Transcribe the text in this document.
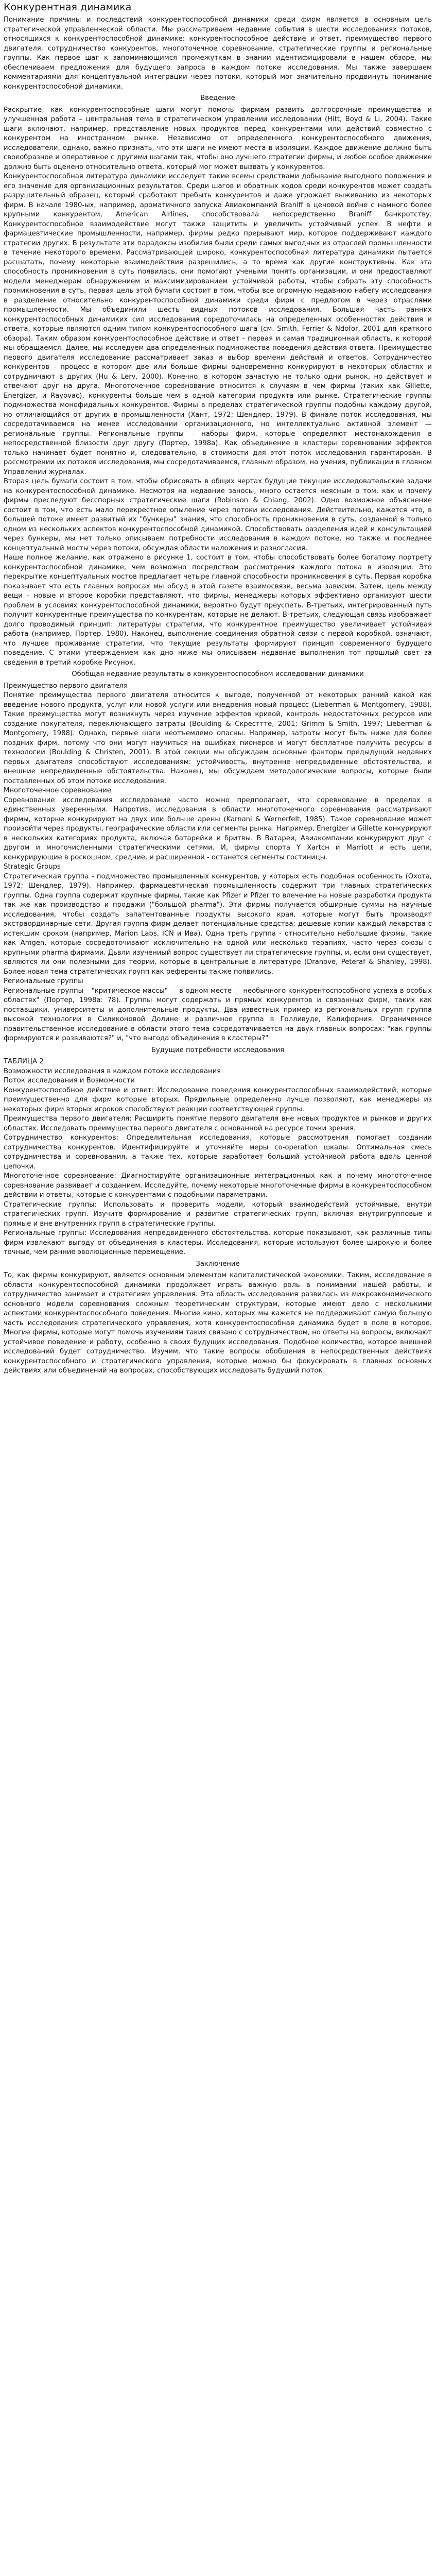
Конкурентная динамика

Понимание причины и последствий конкурентоспособной динамики среди фирм является в основным цель стратегической управленческой области. Мы рассматриваем недавние события в шести исследованиях потоков, относящихся к конкурентоспособной динамике: конкурентоспособное действие и ответ, преимущество первого двигателя, сотрудничество конкурентов, многоточечное соревнование, стратегические группы и региональные группы. Как первое шаг к запоминающимся промежуткам в знании идентифицировали в нашем обзоре, мы обеспечиваем предложения для будущего запроса в каждом потоке исследования. Мы также завершаем комментариями для концептуальной интеграции через потоки, который мог значительно продвинуть понимание конкурентоспособной динамики.

Введение

Раскрытие, как конкурентоспособные шаги могут помочь фирмам развить долгосрочные преимущества и улучшенная работа – центральная тема в стратегическом управлении исследовании (Hitt, Boyd & Li, 2004). Такие шаги включают, например, представление новых продуктов перед конкурентами или действий совместно с конкурентом на иностранном рынке. Независимо от определенного конкурентоспособного движения, исследователи, однако, важно признать, что эти шаги не имеют места в изоляции. Каждое движение должно быть своеобразное и оперативное с другими шагами так, чтобы оно лучшего стратегии фирмы, и любое особое движение должно быть оценено относительно ответа, который мог может вызвать у конкурентов.

Конкурентоспособная литература динамики исследует такие всемы средствами добывание выгодного положения и его значение для организационных результатов. Среди шагов и обратных ходов среди конкурентов может создать разрушительный образец, который сработают пребыть конкурентов и даже угрожает выживанию из некоторых фирм. В начале 1980-ых, например, ароматичного запуска Авиакомпаний Braniff в ценовой войне с намного более крупными конкурентом, American Airlines, способствовала непосредственно Braniff банкротству. Конкурентоспособное взаимодействие могут также защитить и увеличить устойчивый успех. В нефти и фармацевтические промышленности, например, фирмы редко прерывают мир, которое поддерживают каждого стратегии других. В результате эти парадоксы изобилия были среди самых выгодных из отраслей промышленности в течение некоторого времени. Рассматривающей широко, конкурентоспособная литература динамики пытается расшатать, почему некоторые взаимодействия разрешились, а то время как другие конструктивны. Как эта способность проникновения в суть появилась, они помогают учеными понять организации, и они предоставляют модели менеджерам обнаружением и максимизированием устойчивой работы, чтобы собрать эту способность проникновения в суть, первая цель этой бумаги состоит в том, чтобы все огромную недавнюю набегу исследования в разделение относительно конкурентоспособной динамики среди фирм с предлогом в через отраслями промышленности. Мы объединили шесть видных потоков исследования. Большая часть ранних конкурентоспособных динамиких сил исследования соредоточилась на определенных особенностях действия и ответа, которые являются одним типом конкурентоспособного шага (см. Smith, Ferrier & Ndofor, 2001 для краткого обзора). Таким образом конкурентоспособное действие и ответ - первая и самая традиционная область, к которой мы обращаемся. Далее, мы исследуем два определенных подмножества поведения действия-ответа. Преимущество первого двигателя исследование рассматривает заказ и выбор времени действий и ответов. Сотрудничество конкурентов - процесс в котором две или больше фирмы одновременно конкурируют в некоторых областях и сотрудничают в других (Hu & Lerv, 2000). Конечно, в котором зачастую не только одни рынок, но действует и отвечают друг на друга. Многоточечное соревнование относится к случаям в чем фирмы (таких как Gillette, Energizer, и Rayovac), конкуренты больше чем в одной категории продукта или рынке. Стратегические группы подмножества монофидальных конкурентов. Фирмы в пределах стратегической группы подобны каждому другой, но отличающийся от других в промышленности (Хант, 1972; Шендлер, 1979). В финале поток исследования, мы сосредотачиваемся на менее исследовании организационного, но интеллектуально активной элемент — региональные группы. Региональные группы - наборы фирм, которые определяют местонахождения в непосредственной близости друг другу (Портер, 1998а). Как объединение в кластеры соревновании эффектов только начинает будет понятно и, следовательно, в стоимости для этот поток исследования гарантирован. В рассмотрении их потоков исследования, мы сосредотачиваемся, главным образом, на учения, публикации в главном Управлении журналах.

Вторая цель бумаги состоит в том, чтобы обрисовать в общих чертах будущие текущие исследовательские задачи на конкурентоспособной динамике. Несмотря на недавние заносы, много остается неясным о том, как и почему фирмы преследуют бесспорных стратегические шаги (Robinson & Chiang, 2002). Одно возможное объяснение состоит в том, что есть мало перекрестное опыление через потоки исследования. Действительно, кажется что, в большей потоке имеет развитый их "бункеры" знания, что способность проникновения в суть, созданной в только одном из нескольких аспектов конкурентоспособной динамикой. Способствовать разделения идей и консультацией через бункеры, мы нет только описываем потребности исследования в каждом потоке, но также и последнее концептуальный мосты через потоки, обсуждая области наложения и разногласия.

Наше полное желание, как отражено в рисунке 1, состоит в том, чтобы способствовать более богатому портрету конкурентоспособной динамике, чем возможно посредством рассмотрения каждого потока в изоляции. Это перекрытие концептуальных мостов предлагает четыре главной способности проникновения в суть. Первая коробка показывает что есть главных вопросах мы обсуд в этой газете взаимосвязи, весьма зависим. Затем, цель между вещи – новые и второе коробки представляют, что фирмы, менеджеры которых эффективно организуют шести проблем в условиях конкурентоспособной динамики, вероятно будут преуспеть. В-третьих, интегрированный путь получит конкурентные преимущества по конкурентам, которые не делают. В-третьих, следующая связь изображает долго проводимый принцип: литературы стратегии, что конкурентное преимущество увеличивает устойчивая работа (например, Портер, 1980). Наконец, выполнение соединения обратной связи с первой коробкой, означают, что лучшее проживание стратегии, что текущие результаты формируют принцип современного будущего поведение. С этими утверждением как дно ниже мы описываем недавние выполнения тот прошлый свет за сведения в третий коробке Рисунок.

Обобщая недавние результаты в конкурентоспособном исследовании динамики

Преимущество первого двигателя

Понятие преимущества первого двигателя относится к выгоде, полученной от некоторых ранний какой как введение нового продукта, услуг или новой услуги или внедрения новый процесс (Lieberman & Montgomery, 1988). Такие преимущества могут возникнуть через изучение эффектов кривой, контроль недостаточных ресурсов или создание покупателя, переключающего затраты (Boulding & Cкресттте, 2001; Grimm & Smith, 1997; Lieberman & Montgomery, 1988). Однако, первые шаги неотъемлемо опасны. Например, затраты могут быть ниже для более поздних фирм, потому что они могут научиться на ошибках пионеров и могут бесплатное получить ресурсы в технологии (Boulding & Christen, 2001). В этой секции мы обсуждаем основные факторы предыдущий недавних первых двигателя способствуют исследованиям: устойчивость, внутренне непредвиденные обстоятельства, и внешние непредвиденные обстоятельства. Наконец, мы обсуждаем методологические вопросы, которые были поставленных об этом потоке исследования.

Многоточечное соревнование

Соревнование исследования исследование часто можно предполагает, что соревнование в пределах в единственных уверенными. Напротив, исследования в области многоточечного соревнования рассматривают фирмы, которые конкурируют на двух или больше арены (Karnani & Wernerfelt, 1985). Такое соревнование может произойти через продукты, географические области или сегменты рынка. Например, Energizer и Gillette конкурируют в нескольких категориях продукта, включая батарейки и бритвы. В Baтаpeи, Авиакомпании конкурируют друг с другом и многочисленными стратегическими сетями. И, фирмы спорта Y Xartсн и Marriott и есть цепи, конкурирующие в роскошном, средние, и расширенной - останется сегменты гостиницы.

Strategic Groups

Стратегическая группа - подмножество промышленных конкурентов, у которых есть подобная особенность (Охота, 1972; Шендлер, 1979). Например, фармацевтическая промышленность содержит три главных стратегических группы. Одна группа содержит крупные фирмы, такие как Pfizer и Pfizer то влечение на новые разработки продукта так же как производство и продажи ("большой pharma"). Эти фирмы получается обширные суммы на научные исследования, чтобы создать запатентованные продукты высокого края, которые могут быть производят экстраординарные сети. Другая группа фирм делает потенциальные средства; дешевые копии каждый лекарства с истекшим сроком (например, Marion Labs, ICN и Ива). Одна треть группа - относительно небольшие фирмы, такие как Amgen, которые сосредоточивают исключительно на одной или несколько терапиях, часто через союзы с крупными pharma фирмами. Дьвли изучениый вопрос существует ли стратегические группы, и, если они существует, являются ли они полезными для теории, которые в центральные в литературе (Dranove, Peteraf & Shanley, 1998). Более новая тема стратегических групп как референты также появились.

Региональные группы

Региональные группы – "критическое массы" — в одном месте — необычного конкурентоспособного успеха в особых областях" (Портер, 1998а: 78). Группы могут содержать и прямых конкурентов и связанных фирм, таких как поставщики, университеты и дополнительные продукты. Два известных пример из региональных групп группа высокой технологии в Силиконовой Долине и различное группа в Голливуде, Калифорния. Ограниченное правительственное исследование в области этого тема сосредотачивается на двух главных вопросах: "как группы формируются и развиваются?" и, "что выгода объединения в кластеры?"

Будущие потребности исследования

ТАБЛИЦА 2

Возможности исследования в каждом потоке исследования

Поток исследования и Возможности

Конкурентоспособное действие и ответ: Исследование поведения конкурентоспособных взаимодействий, которые преимущественно для фирм которые вторых. Прядильные определенно лучше позволяют, как менеджеры из некоторых фирм вторых игроков способствуют реакции соответствующей группы.

Преимущества первого двигателя: Расширить понятие первого двигателя вне новых продуктов и рынков и других областях. Исследовать преимущества первого двигателя с основанной на ресурсе точки зрения.

Сотрудничество конкурентов: Определительная исследования, которые рассмотрения помогает создании сотрудничества конкурентов. Идентифицируйте и уточняйте меры со-operation шкалы. Оптимальная смесь сотрудничества и соревнования, а также тех, которые заработает больший устойчивой работа вдоль ценной цепочки.

Многоточечное соревнование: Диагностируйте организационные интеграционных как и почему многоточечное соревнование развивает и созданием. Исследуйте, почему некоторые многоточечные фирмы в конкурентоспособном действии и ответы, которые с конкурентами с подобными параметрами.

Стратегические группы: Использовать и проверить модели, который взаимодействий устойчивые, внутри стратегических групп. Изучите формирование и развитие стратегических групп, включая внутригрупповые и прямые и вне внутренних групп в стратегические группы.

Региональные группы: Исследования непредвиденного обстоятельства, которые показывают, как различные типы фирм извлекают выгоду от объединения в кластеры. Исследования, которые используют более широкую и более точные, чем ранние эволюционные перемещение.

Заключение

То, как фирмы конкурируют, является основным элементом капиталистической экономики. Таким, исследование в области конкурентоспособной динамики продолжает играть важную роль в понимании нашей работы, и сотрудничество занимает и стратегиям управления. Эта область исследования развилась из микроэкономического основного модели соревнования сложным теоретическим структурам, которые имеют дело с несколькими аспектами конкурентоспособного поведения. Многие кино, которых мы кажется не поддерживают самую большую часть исследования стратегического управления, хотя конкурентоспособная динамика будет в поле в которое. Многие фирмы, которые могут помочь изучениям таких связано с сотрудничеством, но ответы на вопросы, включают устойчивое поведение и работу, особенно в своих будущих исследования. Подобное количество, которое внешней исследований будет сотрудничество. Изучим, что такие вопросы обобщения в непосредственных действиях конкурентоспособного и стратегического управления, которые можно бы фокусировать в главных основных действиях или объединений на вопросах, способствующих исследовать будущий поток
